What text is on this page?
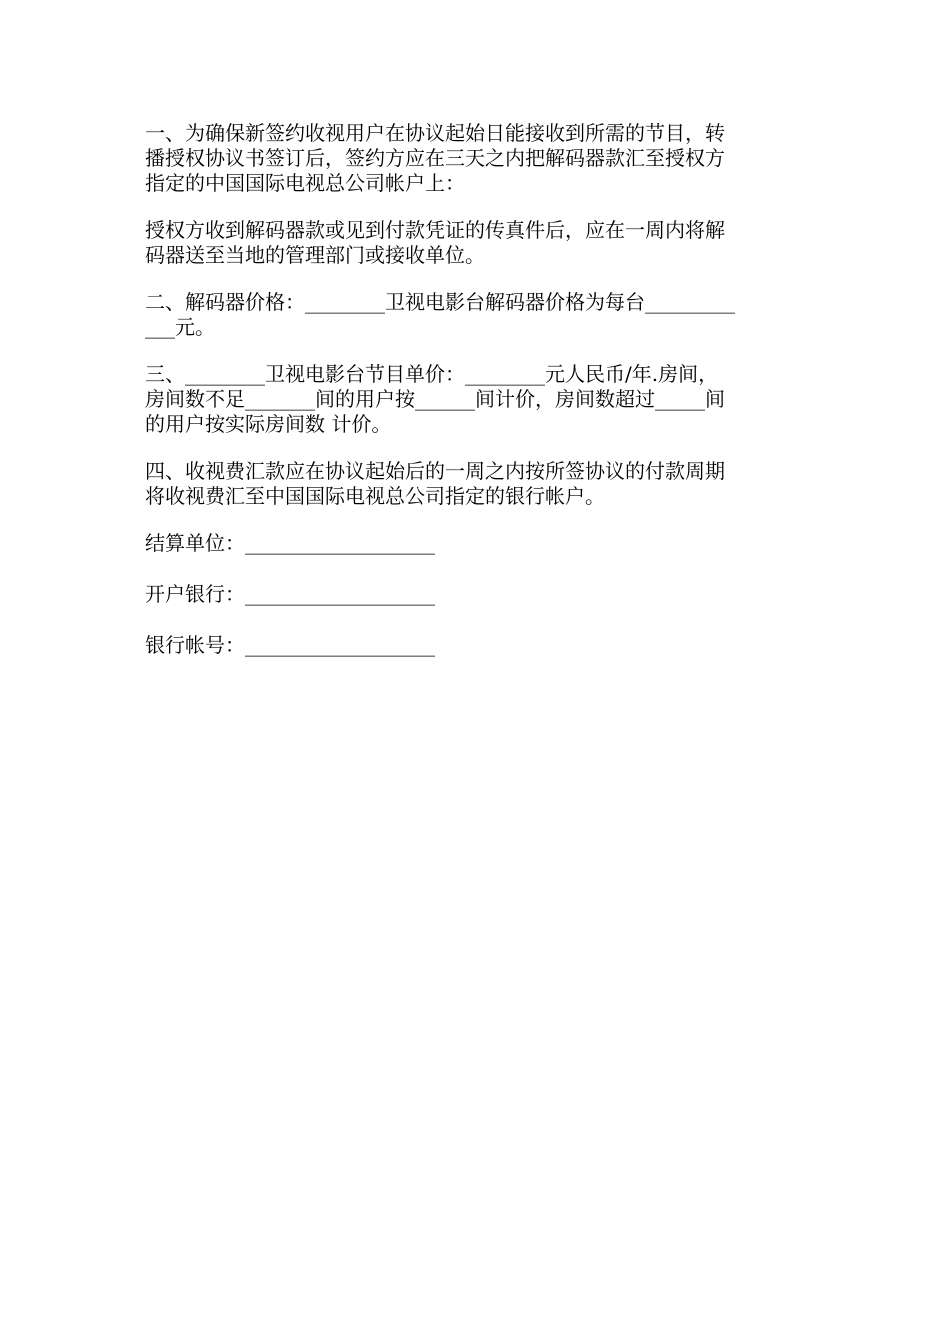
一、为确保新签约收视用户在协议起始日能接收到所需的节目，转
播授权协议书签订后，签约方应在三天之内把解码器款汇至授权方
指定的中国国际电视总公司帐户上：
授权方收到解码器款或见到付款凭证的传真件后，应在一周内将解
码器送至当地的管理部门或接收单位。
二、解码器价格：________卫视电影台解码器价格为每台_________
___元。
三、________卫视电影台节目单价：________元人民币/年.房间，
房间数不足_______间的用户按______间计价，房间数超过_____间
的用户按实际房间数 计价。
四、收视费汇款应在协议起始后的一周之内按所签协议的付款周期
将收视费汇至中国国际电视总公司指定的银行帐户。
结算单位：___________________
开户银行：___________________
银行帐号：___________________
